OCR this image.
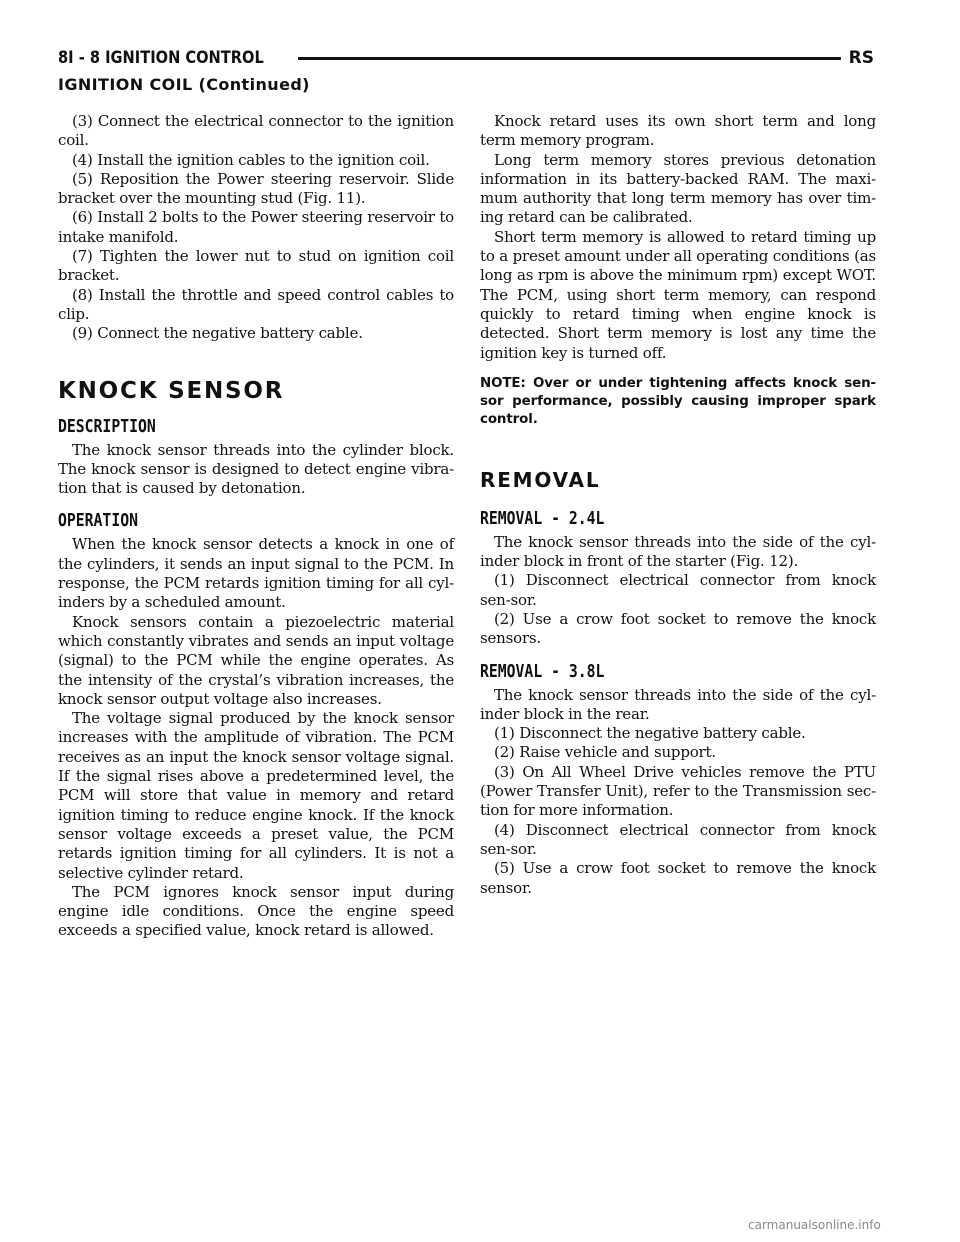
8I - 8 IGNITION CONTROL	RS
IGNITION COIL (Continued)

(3) Connect the electrical connector to the ignition coil.

(4) Install the ignition cables to the ignition coil.

(5) Reposition the Power steering reservoir. Slide bracket over the mounting stud (Fig. 11).

(6) Install 2 bolts to the Power steering reservoir to intake manifold.

(7) Tighten the lower nut to stud on ignition coil bracket.

(8) Install the throttle and speed control cables to clip.

(9) Connect the negative battery cable.

KNOCK SENSOR
DESCRIPTION

The knock sensor threads into the cylinder block. The knock sensor is designed to detect engine vibra-tion that is caused by detonation.

OPERATION

When the knock sensor detects a knock in one of the cylinders, it sends an input signal to the PCM. In response, the PCM retards ignition timing for all cyl-inders by a scheduled amount.

Knock sensors contain a piezoelectric material which constantly vibrates and sends an input voltage (signal) to the PCM while the engine operates. As the intensity of the crystal’s vibration increases, the knock sensor output voltage also increases.

The voltage signal produced by the knock sensor increases with the amplitude of vibration. The PCM receives as an input the knock sensor voltage signal. If the signal rises above a predetermined level, the PCM will store that value in memory and retard ignition timing to reduce engine knock. If the knock sensor voltage exceeds a preset value, the PCM retards ignition timing for all cylinders. It is not a selective cylinder retard.

The PCM ignores knock sensor input during engine idle conditions. Once the engine speed exceeds a specified value, knock retard is allowed.

Knock retard uses its own short term and long term memory program.

Long term memory stores previous detonation information in its battery-backed RAM. The maxi-mum authority that long term memory has over tim-ing retard can be calibrated.

Short term memory is allowed to retard timing up to a preset amount under all operating conditions (as long as rpm is above the minimum rpm) except WOT. The PCM, using short term memory, can respond quickly to retard timing when engine knock is detected. Short term memory is lost any time the ignition key is turned off.

NOTE: Over or under tightening affects knock sen-sor performance, possibly causing improper spark control.

REMOVAL
REMOVAL - 2.4L

The knock sensor threads into the side of the cyl-inder block in front of the starter (Fig. 12).

(1) Disconnect electrical connector from knock sen-sor.

(2) Use a crow foot socket to remove the knock sensors.

REMOVAL - 3.8L

The knock sensor threads into the side of the cyl-inder block in the rear.

(1) Disconnect the negative battery cable.

(2) Raise vehicle and support.

(3) On All Wheel Drive vehicles remove the PTU (Power Transfer Unit), refer to the Transmission sec-tion for more information.

(4) Disconnect electrical connector from knock sen-sor.

(5) Use a crow foot socket to remove the knock sensor.

carmanualsonline.info
